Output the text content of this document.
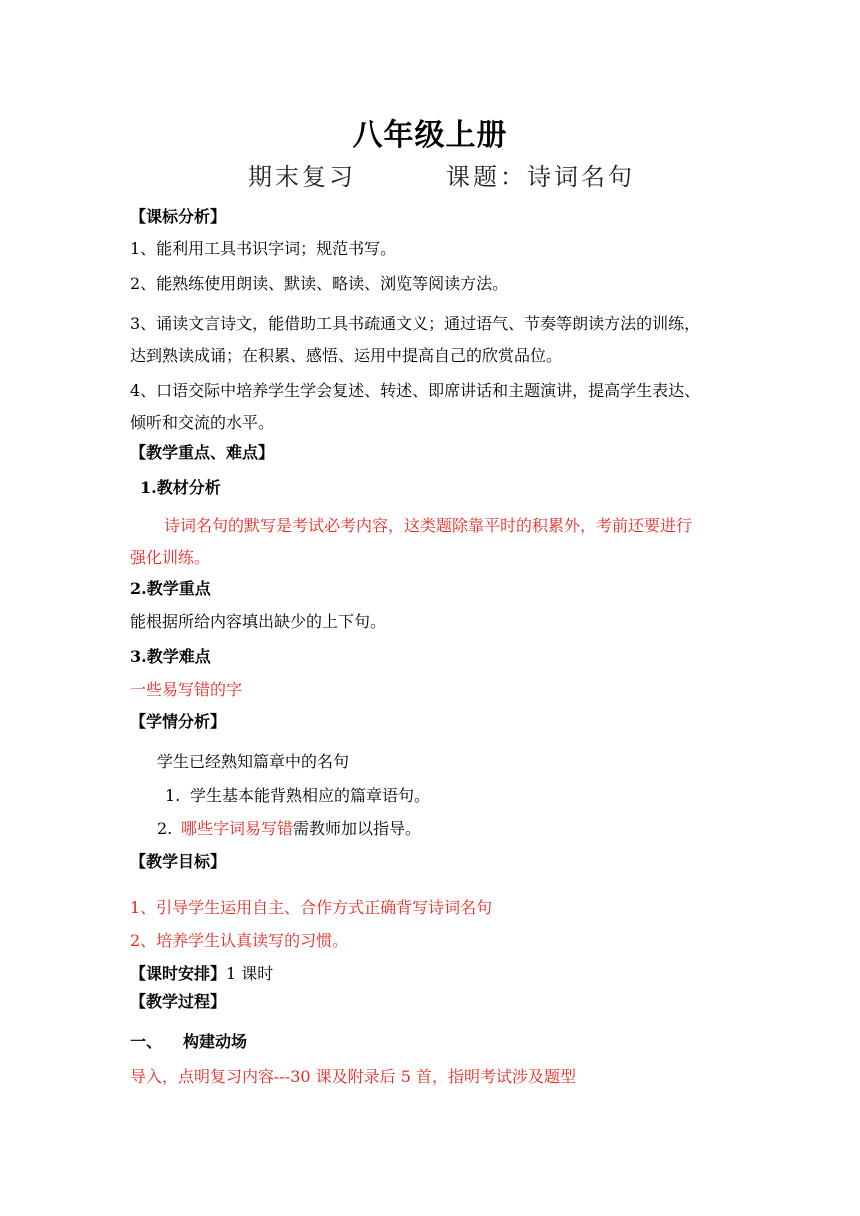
八年级上册
期末复习	课题：诗词名句
【课标分析】
1、能利用工具书识字词；规范书写。
2、能熟练使用朗读、默读、略读、浏览等阅读方法。
3、诵读文言诗文，能借助工具书疏通文义；通过语气、节奏等朗读方法的训练，
达到熟读成诵；在积累、感悟、运用中提高自己的欣赏品位。
4、口语交际中培养学生学会复述、转述、即席讲话和主题演讲，提高学生表达、
倾听和交流的水平。
【教学重点、难点】
1.教材分析
诗词名句的默写是考试必考内容，这类题除靠平时的积累外，考前还要进行
强化训练。
2.教学重点
能根据所给内容填出缺少的上下句。
3.教学难点
一些易写错的字
【学情分析】
学生已经熟知篇章中的名句
1. 学生基本能背熟相应的篇章语句。
2. 哪些字词易写错需教师加以指导。
【教学目标】
1、引导学生运用自主、合作方式正确背写诗词名句
2、培养学生认真读写的习惯。
【课时安排】1 课时
【教学过程】
一、 构建动场
导入，点明复习内容---30 课及附录后 5 首，指明考试涉及题型
